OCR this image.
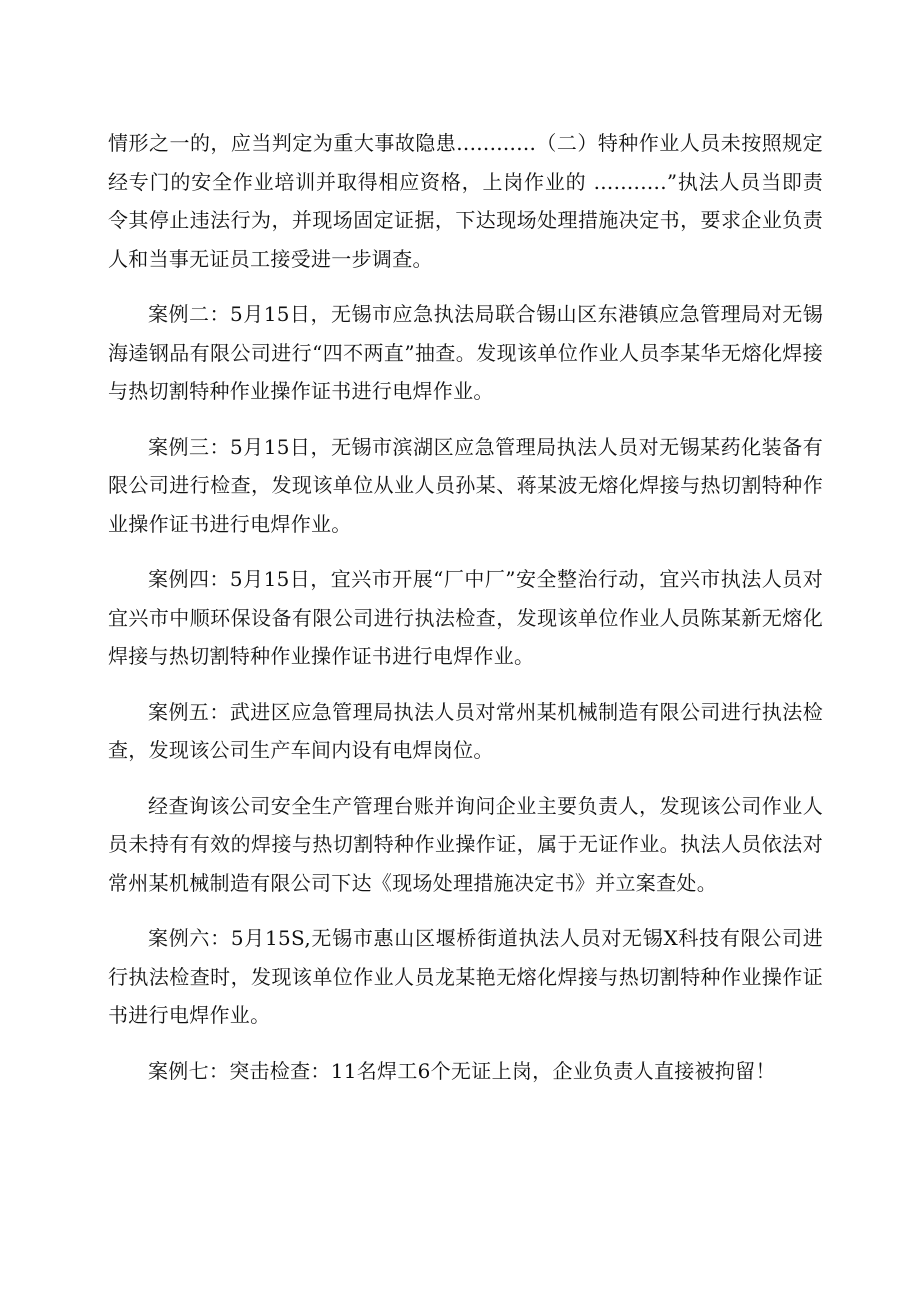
情形之一的，应当判定为重大事故隐患............（二）特种作业人员未按照规定经专门的安全作业培训并取得相应资格，上岗作业的 ...........”执法人员当即责令其停止违法行为，并现场固定证据，下达现场处理措施决定书，要求企业负责人和当事无证员工接受进一步调查。

案例二：5月15日，无锡市应急执法局联合锡山区东港镇应急管理局对无锡海逵钢品有限公司进行“四不两直”抽查。发现该单位作业人员李某华无熔化焊接与热切割特种作业操作证书进行电焊作业。

案例三：5月15日，无锡市滨湖区应急管理局执法人员对无锡某药化装备有限公司进行检查，发现该单位从业人员孙某、蒋某波无熔化焊接与热切割特种作业操作证书进行电焊作业。

案例四：5月15日，宜兴市开展“厂中厂”安全整治行动，宜兴市执法人员对宜兴市中顺环保设备有限公司进行执法检查，发现该单位作业人员陈某新无熔化焊接与热切割特种作业操作证书进行电焊作业。

案例五：武进区应急管理局执法人员对常州某机械制造有限公司进行执法检查，发现该公司生产车间内设有电焊岗位。

经查询该公司安全生产管理台账并询问企业主要负责人，发现该公司作业人员未持有有效的焊接与热切割特种作业操作证，属于无证作业。执法人员依法对常州某机械制造有限公司下达《现场处理措施决定书》并立案查处。

案例六：5月15S,无锡市惠山区堰桥街道执法人员对无锡X科技有限公司进行执法检查时，发现该单位作业人员龙某艳无熔化焊接与热切割特种作业操作证书进行电焊作业。

案例七：突击检查：11名焊工6个无证上岗，企业负责人直接被拘留！
